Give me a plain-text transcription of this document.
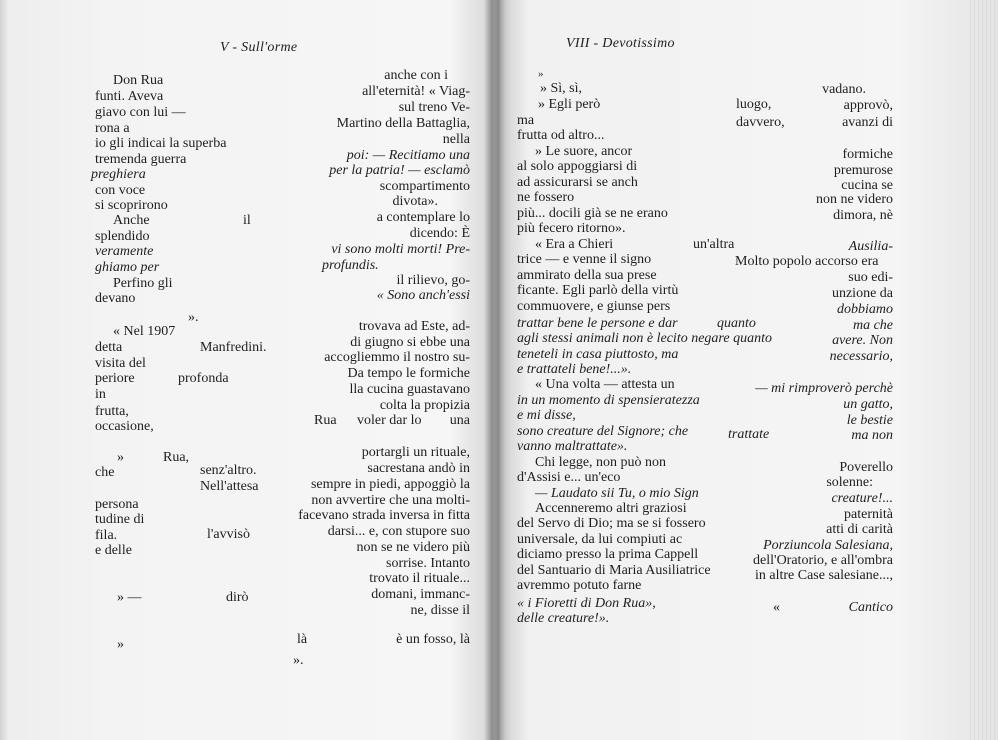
V - Sull'orme
Don Rua
funti. Aveva
giavo con lui —
rona a
io gli indicai la superba
tremenda guerra
preghiera
con voce
si scoprirono
Anche	il
splendido
veramente
ghiamo per
Perfino gli
devano
».
« Nel 1907
detta	Manfredini.
visita del
periore	profonda
in
frutta,
occasione,
»	Rua,
che	senz'altro.
Nell'attesa
persona
tudine di
fila.	l'avvisò
e delle
» —	dirò
»	là
anche con i
all'eternità! « Viag-
sul treno Ve-
Martino della Battaglia,
nella
poi: — Recitiamo una
per la patria! — esclamò
scompartimento
divota».
a contemplare lo
dicendo: È
vi sono molti morti! Pre-
profundis.
il rilievo, go-
« Sono anch'essi
trovava ad Este, ad-
di giugno si ebbe una
accogliemmo il nostro su-
Da tempo le formiche
lla cucina guastavano
colta la propizia
Rua voler dar lo una
portargli un rituale,
sacrestana andò in
sempre in piedi, appoggiò la
non avvertire che una molti-
facevano strada inversa in fitta
darsi... e, con stupore suo
non se ne videro più
sorrise. Intanto
trovato il rituale...
domani, immanc-
ne, disse il
è un fosso, là
».
VIII - Devotissimo
»
» Sì, sì,
» Egli però
ma
frutta od altro...
» Le suore, ancor
al solo appoggiarsi di
ad assicurarsi se anch
ne fossero
più... docili già se ne erano
più fecero ritorno».
« Era a Chieri	un'altra
trice — e venne il signo
ammirato della sua prese
ficante. Egli parlò della virtù
commuovere, e giunse pers
trattar bene le persone e dar	quanto
agli stessi animali non è lecito negare quanto
teneteli in casa piuttosto, ma
e trattateli bene!...».
« Una volta — attesta un
in un momento di spensieratezza
e mi disse,
sono creature del Signore; che	trattate
vanno maltrattate».
Chi legge, non può non
d'Assisi e... un'eco
— Laudato sii Tu, o mio Sign
Accenneremo altri graziosi
del Servo di Dio; ma se si fossero
universale, da lui compiuti ac
diciamo presso la prima Cappell
del Santuario di Maria Ausiliatrice
avremmo potuto farne
« i Fioretti di Don Rua»,
delle creature!».
«
vadano.
luogo,	approvò,
davvero,	avanzi di
formiche
premurose
cucina se
non ne videro
dimora, nè
Ausilia-
Molto popolo accorso era
suo edi-
unzione da
dobbiamo
ma che
avere. Non
necessario,
— mi rimproverò perchè
un gatto,
le bestie
ma non
Poverello
solenne:
creature!...
paternità
atti di carità
Porziuncola Salesiana,
dell'Oratorio, e all'ombra
in altre Case salesiane...,
Cantico
